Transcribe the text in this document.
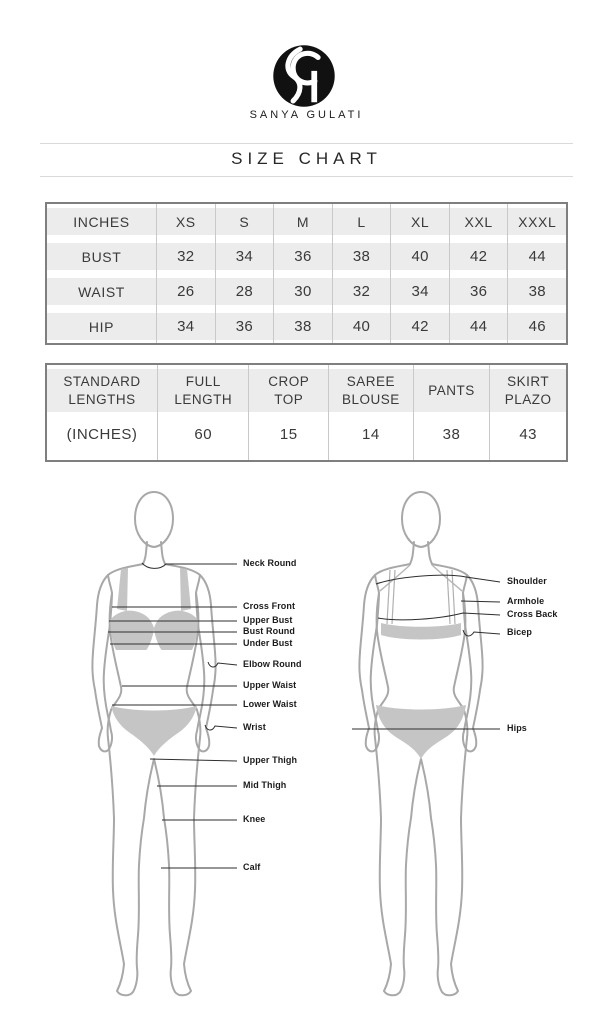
SANYA GULATI
SIZE CHART
INCHES
BUST
WAIST
HIP
XS
32
26
34
S
34
28
36
M
36
30
38
L
38
32
40
XL
40
34
42
XXL
42
36
44
XXXL
44
38
46
STANDARD LENGTHS
(INCHES)
FULL LENGTH
60
CROP TOP
15
SAREE BLOUSE
14
PANTS
38
SKIRT PLAZO
43
Neck Round
Cross Front
Upper Bust
Bust Round
Under Bust
Elbow Round
Upper Waist
Lower Waist
Wrist
Upper Thigh
Mid Thigh
Knee
Calf
Shoulder
Armhole
Cross Back
Bicep
Hips
